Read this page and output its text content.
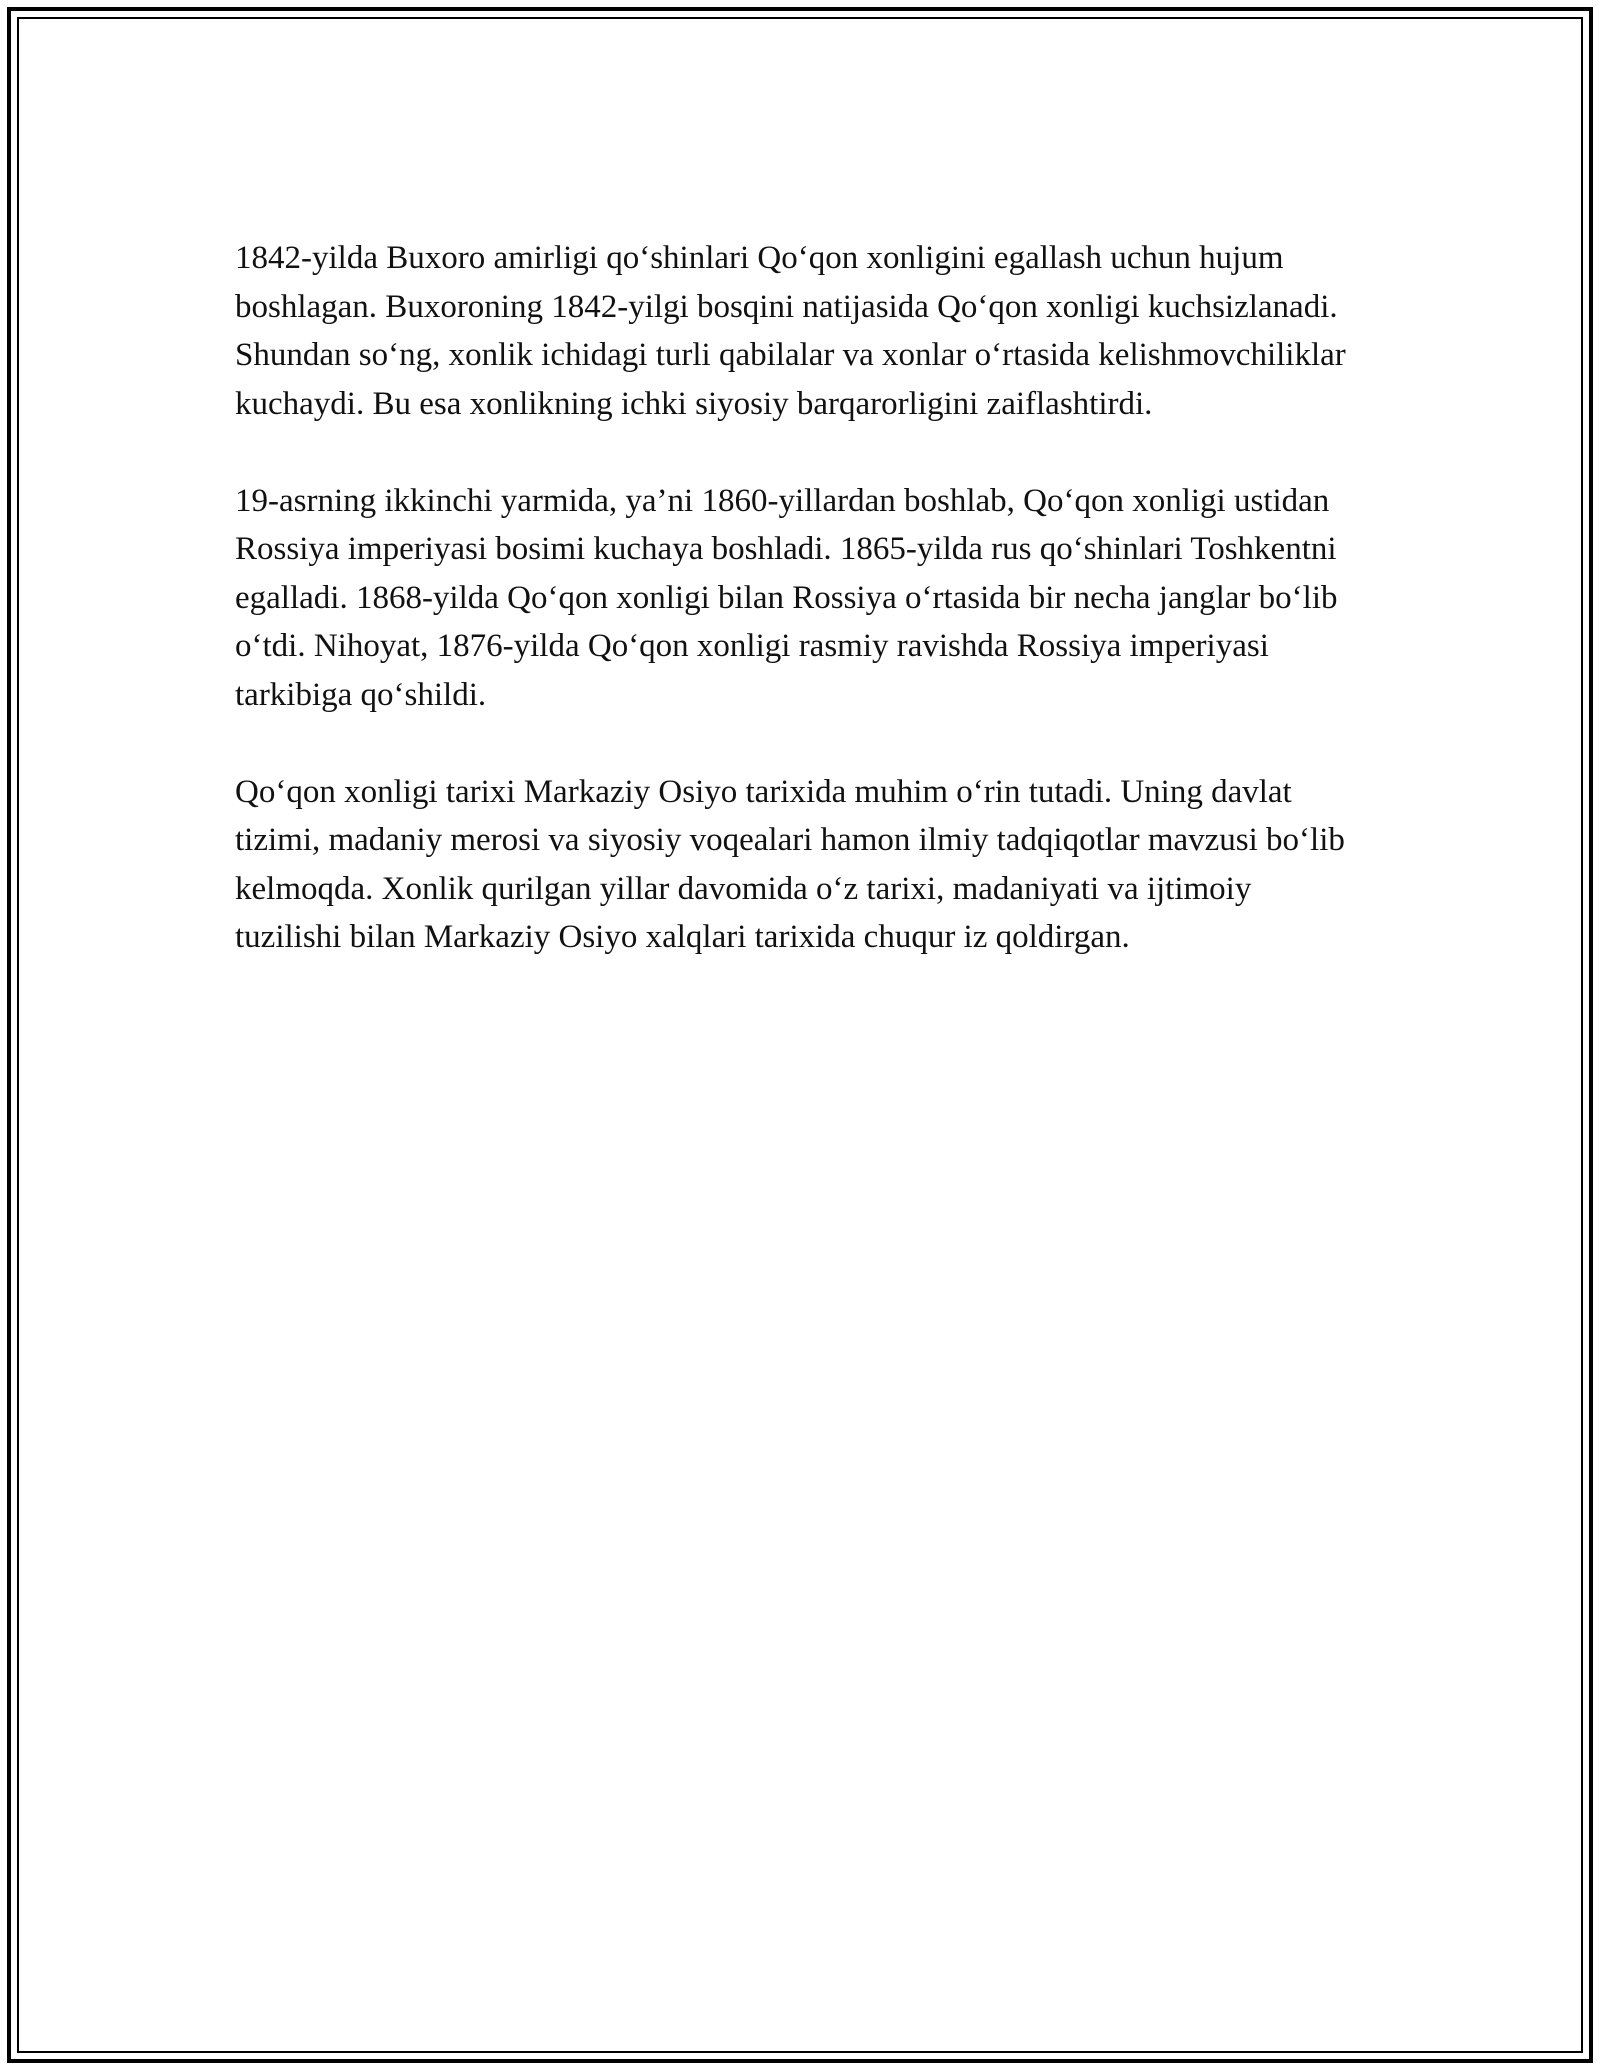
1842-yilda Buxoro amirligi qo‘shinlari Qo‘qon xonligini egallash uchun hujum boshlagan. Buxoroning 1842-yilgi bosqini natijasida Qo‘qon xonligi kuchsizlanadi. Shundan so‘ng, xonlik ichidagi turli qabilalar va xonlar o‘rtasida kelishmovchiliklar kuchaydi. Bu esa xonlikning ichki siyosiy barqarorligini zaiflashtirdi.

19-asrning ikkinchi yarmida, ya’ni 1860-yillardan boshlab, Qo‘qon xonligi ustidan Rossiya imperiyasi bosimi kuchaya boshladi. 1865-yilda rus qo‘shinlari Toshkentni egalladi. 1868-yilda Qo‘qon xonligi bilan Rossiya o‘rtasida bir necha janglar bo‘lib o‘tdi. Nihoyat, 1876-yilda Qo‘qon xonligi rasmiy ravishda Rossiya imperiyasi tarkibiga qo‘shildi.

Qo‘qon xonligi tarixi Markaziy Osiyo tarixida muhim o‘rin tutadi. Uning davlat tizimi, madaniy merosi va siyosiy voqealari hamon ilmiy tadqiqotlar mavzusi bo‘lib kelmoqda. Xonlik qurilgan yillar davomida o‘z tarixi, madaniyati va ijtimoiy tuzilishi bilan Markaziy Osiyo xalqlari tarixida chuqur iz qoldirgan.
